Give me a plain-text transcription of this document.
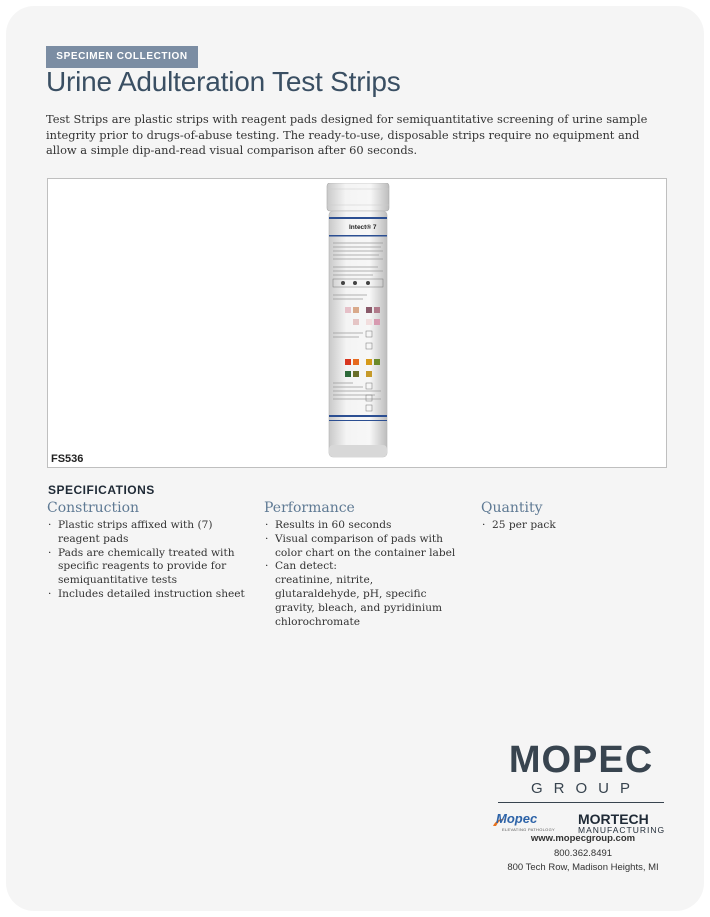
SPECIMEN COLLECTION
Urine Adulteration Test Strips

Test Strips are plastic strips with reagent pads designed for semiquantitative screening of urine sample integrity prior to drugs-of-abuse testing. The ready-to-use, disposable strips require no equipment and allow a simple dip-and-read visual comparison after 60 seconds.

Intect® 7
FS536
SPECIFICATIONS
Construction
· Plastic strips affixed with (7) reagent pads
· Pads are chemically treated with specific reagents to provide for semiquantitative tests
· Includes detailed instruction sheet
Performance
· Results in 60 seconds
· Visual comparison of pads with color chart on the container label
· Can detect:
creatinine, nitrite, glutaraldehyde, pH, specific gravity, bleach, and pyridinium chlorochromate
Quantity
· 25 per pack
MOPEC
GROUP
Mopec
ELEVATING PATHOLOGY
MORTECH
MANUFACTURING
www.mopecgroup.com
800.362.8491
800 Tech Row, Madison Heights, MI
